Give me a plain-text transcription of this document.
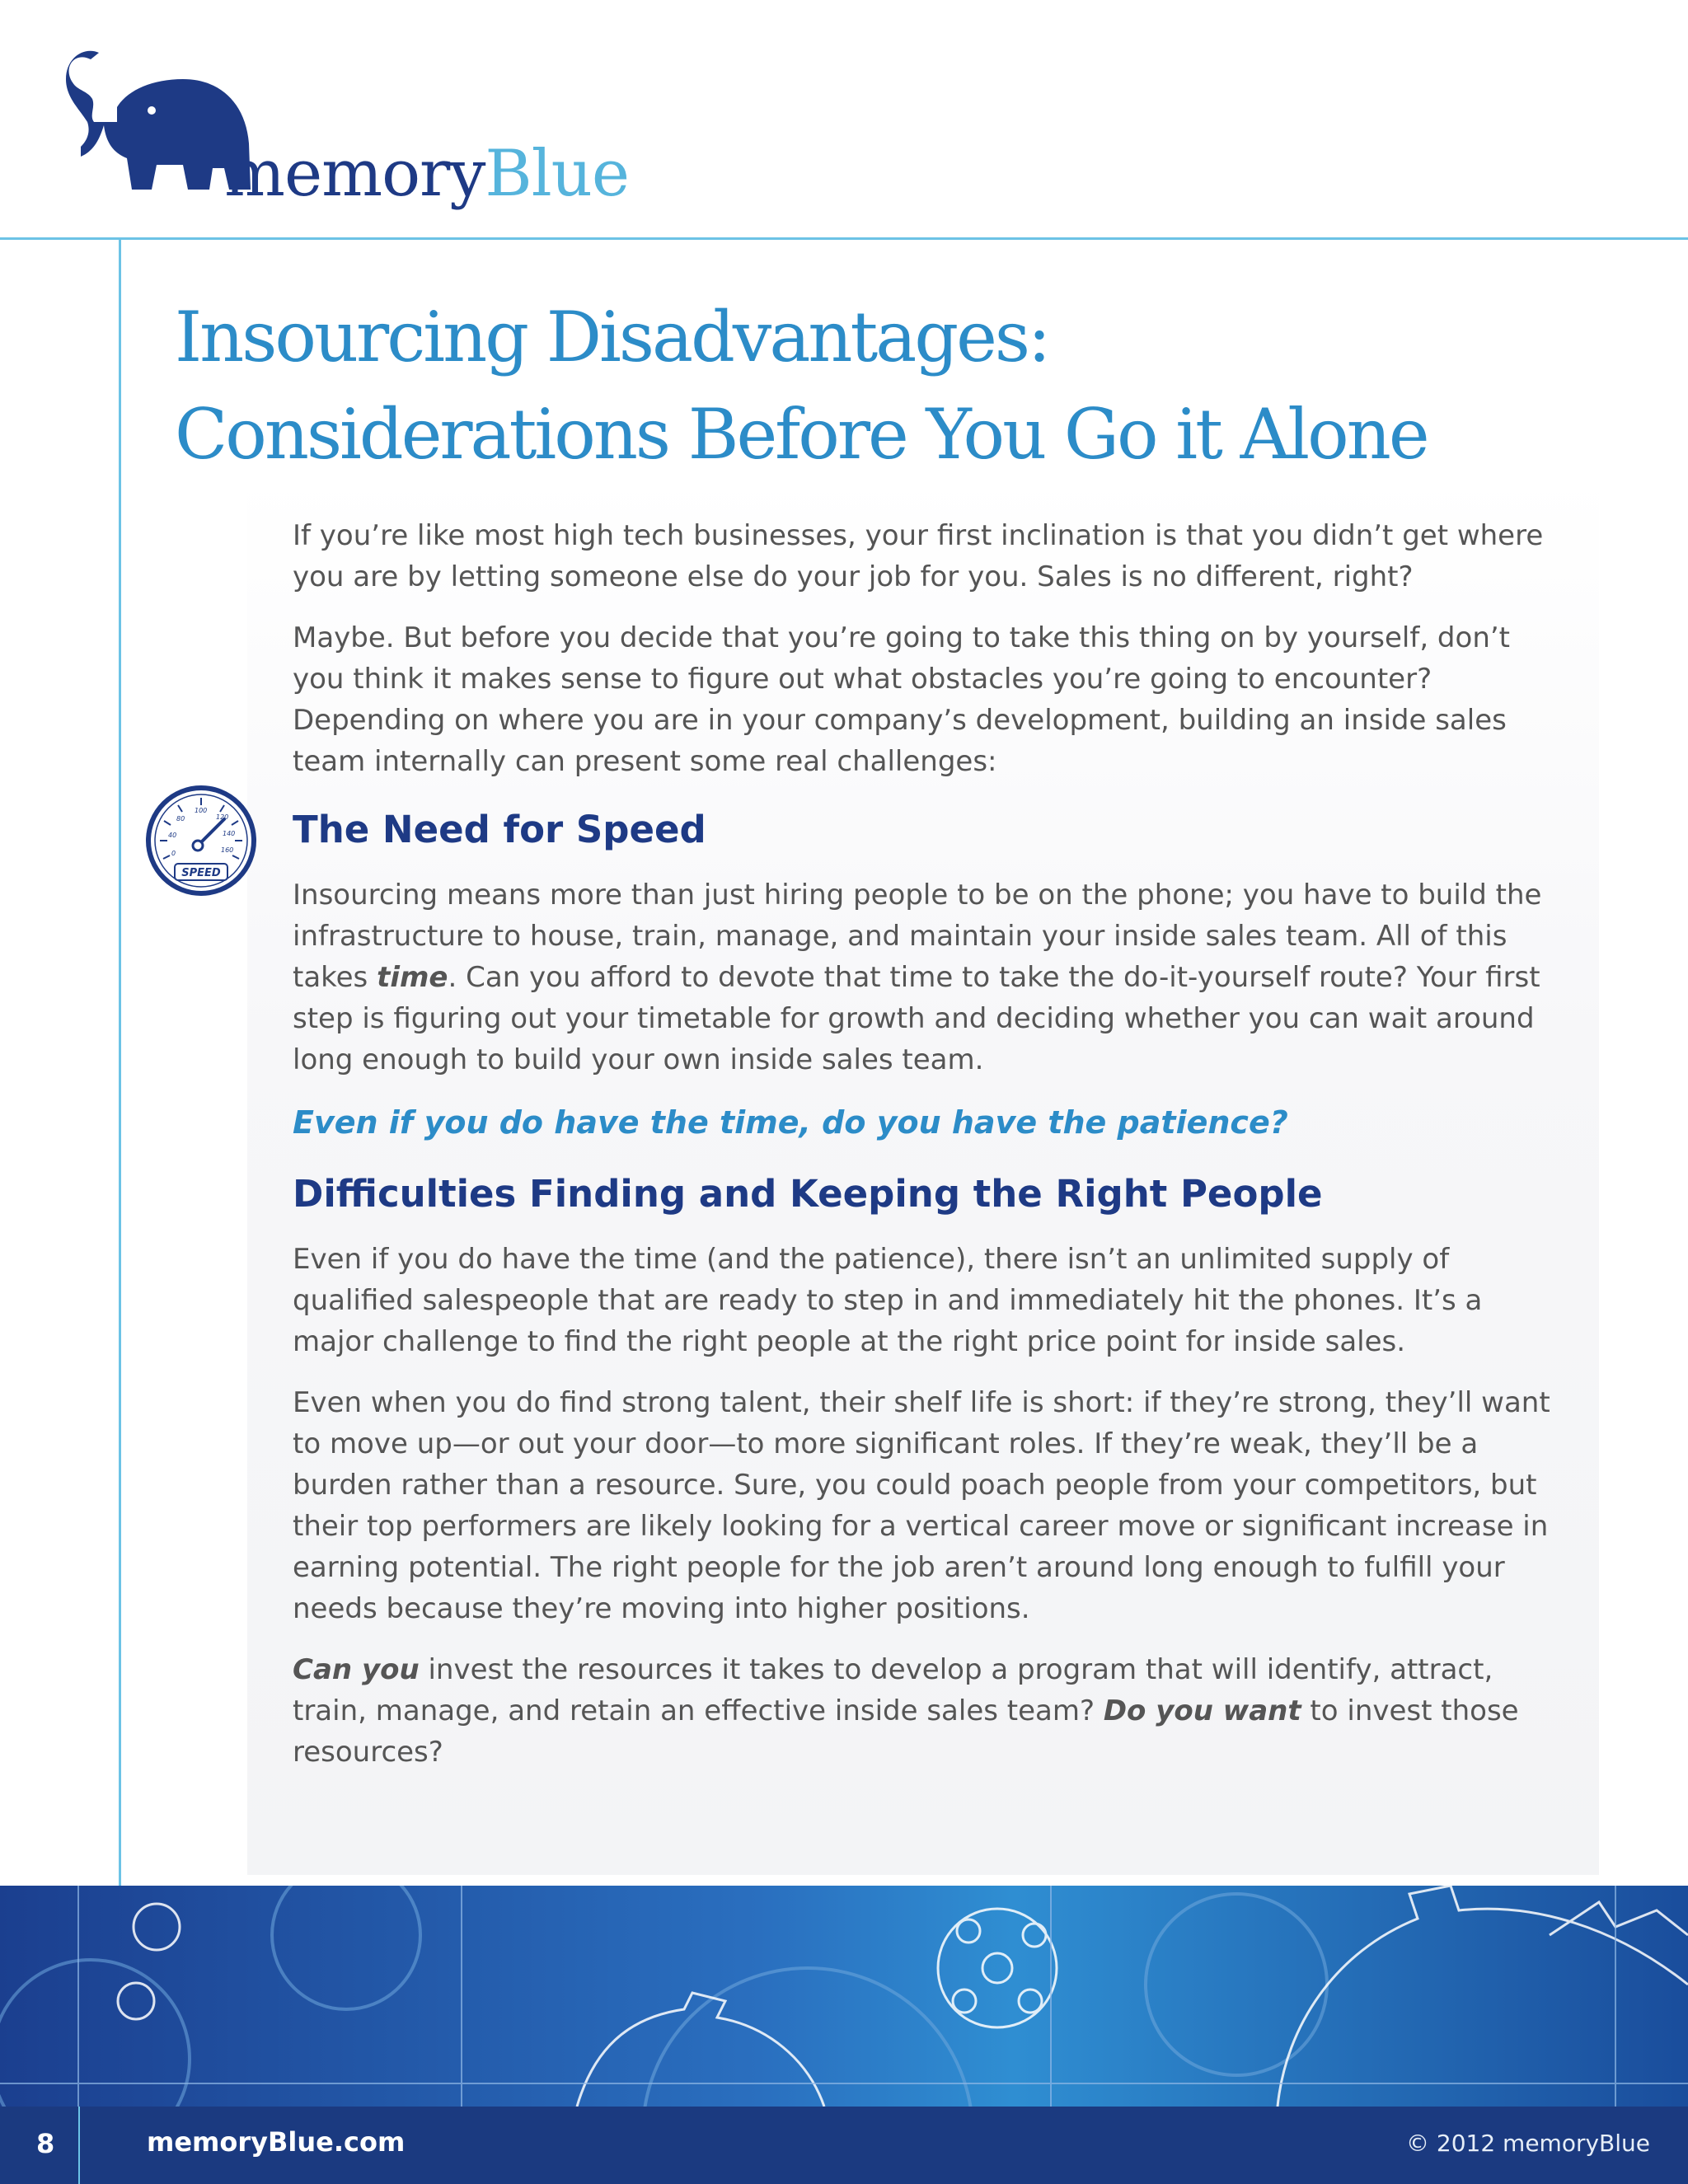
memoryBlue
Insourcing Disadvantages:
Considerations Before You Go it Alone
0
40
80
100
120
140
160
SPEED

If you’re like most high tech businesses, your first inclination is that you didn’t get where you are by letting someone else do your job for you. Sales is no different, right?

Maybe. But before you decide that you’re going to take this thing on by yourself, don’t you think it makes sense to figure out what obstacles you’re going to encounter? Depending on where you are in your company’s development, building an inside sales team internally can present some real challenges:

The Need for Speed

Insourcing means more than just hiring people to be on the phone; you have to build the infrastructure to house, train, manage, and maintain your inside sales team. All of this takes time. Can you afford to devote that time to take the do-it-yourself route? Your first step is figuring out your timetable for growth and deciding whether you can wait around long enough to build your own inside sales team.

Even if you do have the time, do you have the patience?
Difficulties Finding and Keeping the Right People

Even if you do have the time (and the patience), there isn’t an unlimited supply of qualified salespeople that are ready to step in and immediately hit the phones. It’s a major challenge to find the right people at the right price point for inside sales.

Even when you do find strong talent, their shelf life is short: if they’re strong, they’ll want to move up—or out your door—to more significant roles. If they’re weak, they’ll be a burden rather than a resource. Sure, you could poach people from your competitors, but their top performers are likely looking for a vertical career move or significant increase in earning potential. The right people for the job aren’t around long enough to fulfill your needs because they’re moving into higher positions.

Can you invest the resources it takes to develop a program that will identify, attract, train, manage, and retain an effective inside sales team? Do you want to invest those resources?

8	memoryBlue.com	© 2012 memoryBlue
